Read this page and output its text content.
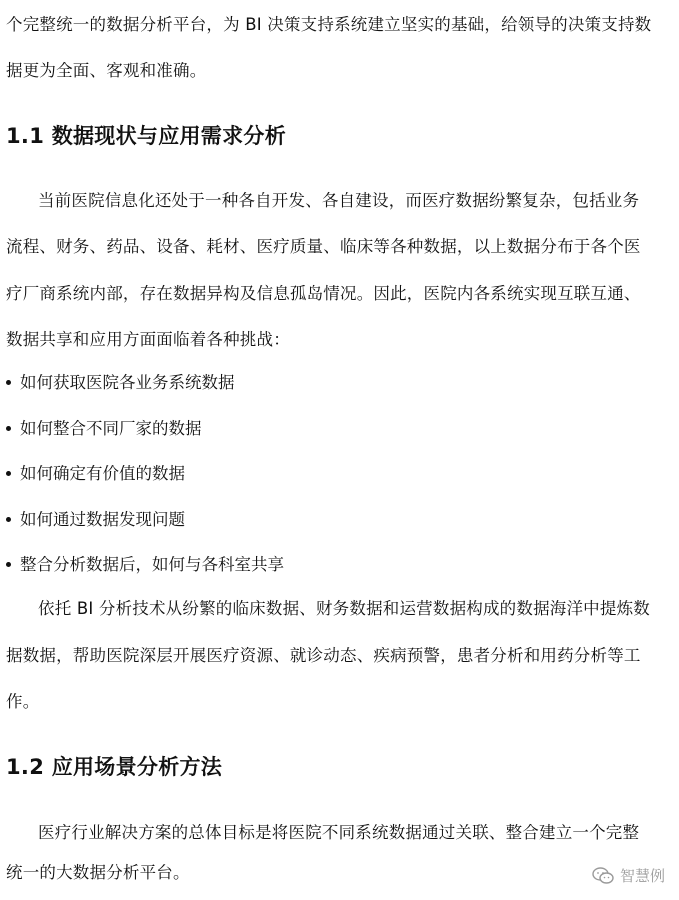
个完整统一的数据分析平台，为 BI 决策支持系统建立坚实的基础，给领导的决策支持数
据更为全面、客观和准确。
1.1 数据现状与应用需求分析
当前医院信息化还处于一种各自开发、各自建设，而医疗数据纷繁复杂，包括业务
流程、财务、药品、设备、耗材、医疗质量、临床等各种数据，以上数据分布于各个医
疗厂商系统内部，存在数据异构及信息孤岛情况。因此，医院内各系统实现互联互通、
数据共享和应用方面面临着各种挑战：
如何获取医院各业务系统数据
如何整合不同厂家的数据
如何确定有价值的数据
如何通过数据发现问题
整合分析数据后，如何与各科室共享
依托 BI 分析技术从纷繁的临床数据、财务数据和运营数据构成的数据海洋中提炼数
据数据，帮助医院深层开展医疗资源、就诊动态、疾病预警，患者分析和用药分析等工
作。
1.2 应用场景分析方法
医疗行业解决方案的总体目标是将医院不同系统数据通过关联、整合建立一个完整
统一的大数据分析平台。	智慧例
